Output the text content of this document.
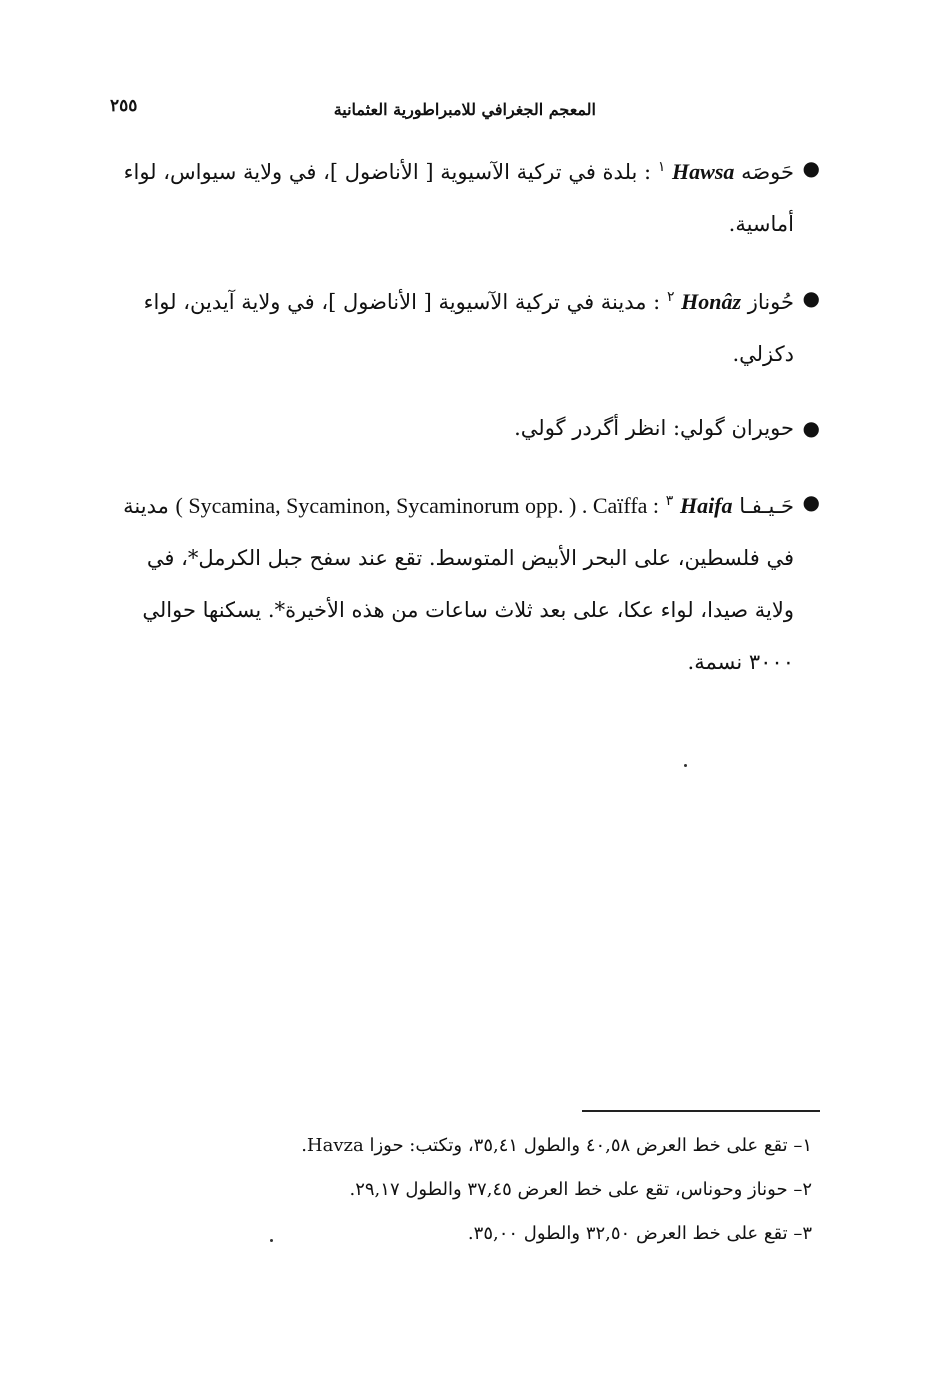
المعجم الجغرافي للامبراطورية العثمانية
٢٥٥
●
حَوصَه Hawsa $^١$ : بلدة في تركية الآسيوية [ الأناضول ]، في ولاية سيواس، لواء أماسية.
●
حُوناز Honâz $^٢$ : مدينة في تركية الآسيوية [ الأناضول ]، في ولاية آيدين، لواء دكزلي.
●
حويران گولي: انظر أگردر گولي.
●
حَـيـفـا Haifa $^٣$ ( Sycamina, Sycaminon, Sycaminorum opp. ) . Caïffa : مدينة في فلسطين، على البحر الأبيض المتوسط. تقع عند سفح جبل الكرمل*، في ولاية صيدا، لواء عكا، على بعد ثلاث ساعات من هذه الأخيرة*. يسكنها حوالي ٣٠٠٠ نسمة.
١– تقع على خط العرض ٤٠,٥٨ والطول ٣٥,٤١، وتكتب: حوزا Havza.
٢– حوناز وحوناس، تقع على خط العرض ٣٧,٤٥ والطول ٢٩,١٧.
٣– تقع على خط العرض ٣٢,٥٠ والطول ٣٥,٠٠.
